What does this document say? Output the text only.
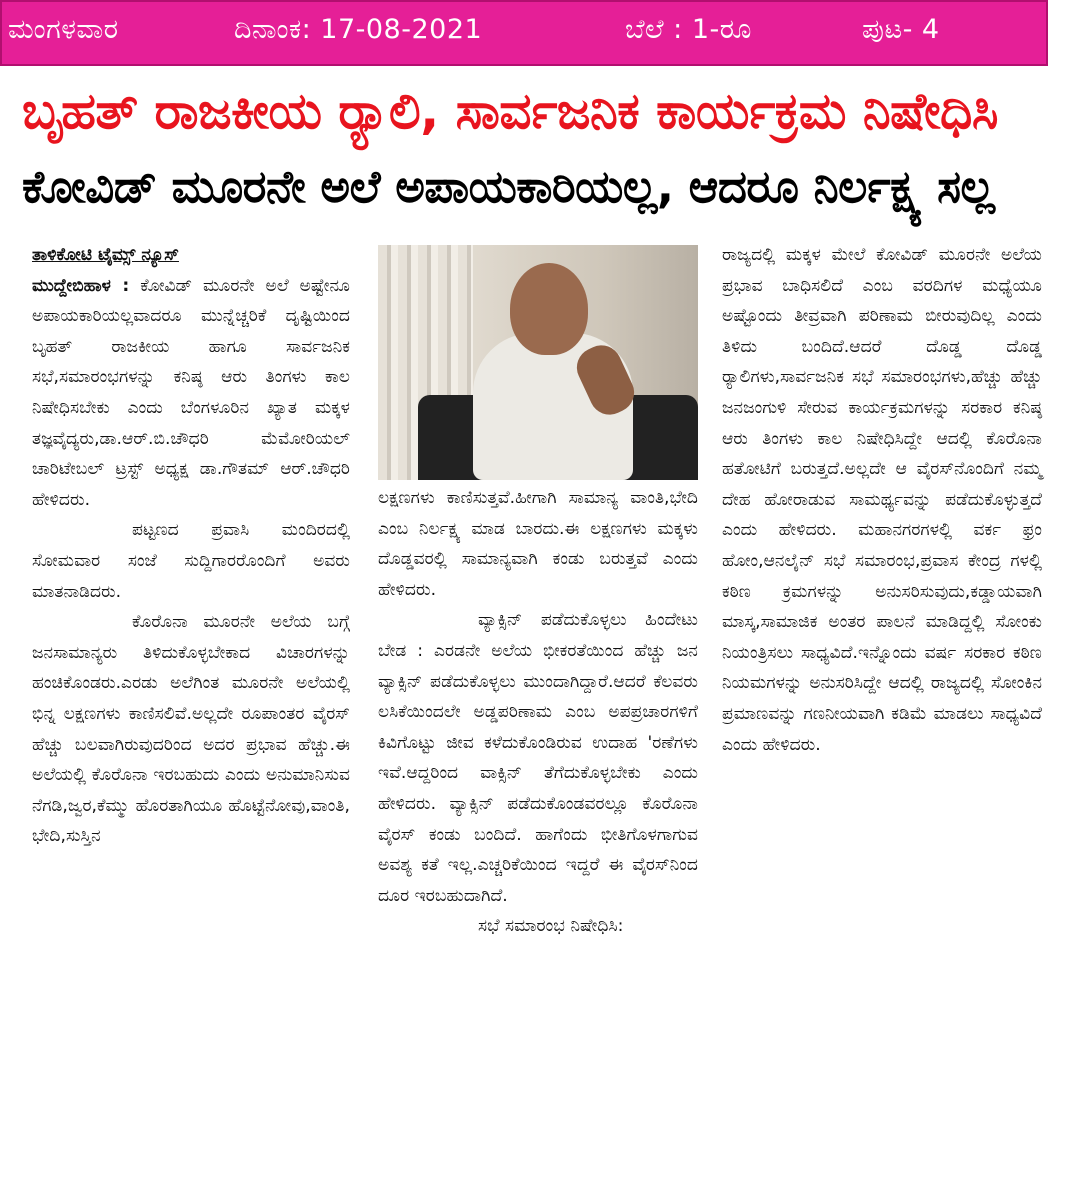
ಮಂಗಳವಾರ	ದಿನಾಂಕ: 17-08-2021	ಬೆಲೆ : 1-ರೂ	ಪುಟ- 4
ಬೃಹತ್ ರಾಜಕೀಯ ರ್‍ಯಾಲಿ, ಸಾರ್ವಜನಿಕ ಕಾರ್ಯಕ್ರಮ ನಿಷೇಧಿಸಿ
ಕೋವಿಡ್ ಮೂರನೇ ಅಲೆ ಅಪಾಯಕಾರಿಯಲ್ಲ, ಆದರೂ ನಿರ್ಲಕ್ಷ್ಯ ಸಲ್ಲ

ತಾಳಿಕೋಟಿ ಟೈಮ್ಸ್ ನ್ಯೂಸ್

ಮುದ್ದೇಬಿಹಾಳ : ಕೋವಿಡ್ ಮೂರನೇ ಅಲೆ ಅಷ್ಟೇನೂ ಅಪಾಯಕಾರಿಯಲ್ಲವಾದರೂ ಮುನ್ನೆಚ್ಚರಿಕೆ ದೃಷ್ಟಿಯಿಂದ ಬೃಹತ್ ರಾಜಕೀಯ ಹಾಗೂ ಸಾರ್ವಜನಿಕ ಸಭೆ,ಸಮಾರಂಭಗಳನ್ನು ಕನಿಷ್ಠ ಆರು ತಿಂಗಳು ಕಾಲ ನಿಷೇಧಿಸಬೇಕು ಎಂದು ಬೆಂಗಳೂರಿನ ಖ್ಯಾತ ಮಕ್ಕಳ ತಜ್ಞವೈದ್ಯರು,ಡಾ.ಆರ್.ಬಿ.ಚೌಧರಿ ಮೆಮೋರಿಯಲ್ ಚಾರಿಟೇಬಲ್ ಟ್ರಸ್ಟ್ ಅಧ್ಯಕ್ಷ ಡಾ.ಗೌತಮ್ ಆರ್.ಚೌಧರಿ ಹೇಳಿದರು.

ಪಟ್ಟಣದ ಪ್ರವಾಸಿ ಮಂದಿರದಲ್ಲಿ ಸೋಮವಾರ ಸಂಜೆ ಸುದ್ದಿಗಾರರೊಂದಿಗೆ ಅವರು ಮಾತನಾಡಿದರು.

ಕೊರೊನಾ ಮೂರನೇ ಅಲೆಯ ಬಗ್ಗೆ ಜನಸಾಮಾನ್ಯರು ತಿಳಿದುಕೊಳ್ಳಬೇಕಾದ ವಿಚಾರಗಳನ್ನು ಹಂಚಿಕೊಂಡರು.ಎರಡು ಅಲೆಗಿಂತ ಮೂರನೇ ಅಲೆಯಲ್ಲಿ ಭಿನ್ನ ಲಕ್ಷಣಗಳು ಕಾಣಿಸಲಿವೆ.ಅಲ್ಲದೇ ರೂಪಾಂತರ ವೈರಸ್ ಹೆಚ್ಚು ಬಲವಾಗಿರುವುದರಿಂದ ಅದರ ಪ್ರಭಾವ ಹೆಚ್ಚು.ಈ ಅಲೆಯಲ್ಲಿ ಕೊರೊನಾ ಇರಬಹುದು ಎಂದು ಅನುಮಾನಿಸುವ ನೆಗಡಿ,ಜ್ವರ,ಕೆಮ್ಮು ಹೊರತಾಗಿಯೂ ಹೊಟ್ಟೆನೋವು,ವಾಂತಿ, ಭೇದಿ,ಸುಸ್ತಿನ

ಲಕ್ಷಣಗಳು ಕಾಣಿಸುತ್ತವೆ.ಹೀಗಾಗಿ ಸಾಮಾನ್ಯ ವಾಂತಿ,ಭೇದಿ ಎಂಬ ನಿರ್ಲಕ್ಷ್ಯ ಮಾಡ ಬಾರದು.ಈ ಲಕ್ಷಣಗಳು ಮಕ್ಕಳು ದೊಡ್ಡವರಲ್ಲಿ ಸಾಮಾನ್ಯವಾಗಿ ಕಂಡು ಬರುತ್ತವೆ ಎಂದು ಹೇಳಿದರು.

ವ್ಯಾಕ್ಸಿನ್ ಪಡೆದುಕೊಳ್ಳಲು ಹಿಂದೇಟು ಬೇಡ : ಎರಡನೇ ಅಲೆಯ ಭೀಕರತೆಯಿಂದ ಹೆಚ್ಚು ಜನ ವ್ಯಾಕ್ಸಿನ್ ಪಡೆದುಕೊಳ್ಳಲು ಮುಂದಾಗಿದ್ದಾರೆ.ಆದರೆ ಕೆಲವರು ಲಸಿಕೆಯಿಂದಲೇ ಅಡ್ಡಪರಿಣಾಮ ಎಂಬ ಅಪಪ್ರಚಾರಗಳಿಗೆ ಕಿವಿಗೊಟ್ಟು ಜೀವ ಕಳೆದುಕೊಂಡಿರುವ ಉದಾಹ 'ರಣೆಗಳು ಇವೆ.ಆದ್ದರಿಂದ ವಾಕ್ಸಿನ್ ತೆಗೆದುಕೊಳ್ಳಬೇಕು ಎಂದು ಹೇಳಿದರು. ವ್ಯಾಕ್ಸಿನ್ ಪಡೆದುಕೊಂಡವರಲ್ಲೂ ಕೊರೊನಾ ವೈರಸ್ ಕಂಡು ಬಂದಿದೆ. ಹಾಗೆಂದು ಭೀತಿಗೊಳಗಾಗುವ ಅವಶ್ಯ ಕತೆ ಇಲ್ಲ.ಎಚ್ಚರಿಕೆಯಿಂದ ಇದ್ದರೆ ಈ ವೈರಸ್‌ನಿಂದ ದೂರ ಇರಬಹುದಾಗಿದೆ.

ಸಭೆ ಸಮಾರಂಭ ನಿಷೇಧಿಸಿ:

ರಾಜ್ಯದಲ್ಲಿ ಮಕ್ಕಳ ಮೇಲೆ ಕೋವಿಡ್ ಮೂರನೇ ಅಲೆಯ ಪ್ರಭಾವ ಬಾಧಿಸಲಿದೆ ಎಂಬ ವರದಿಗಳ ಮಧ್ಯೆಯೂ ಅಷ್ಟೊಂದು ತೀವ್ರವಾಗಿ ಪರಿಣಾಮ ಬೀರುವುದಿಲ್ಲ ಎಂದು ತಿಳಿದು ಬಂದಿದೆ.ಆದರೆ ದೊಡ್ಡ ದೊಡ್ಡ ರ್‍ಯಾಲಿಗಳು,ಸಾರ್ವಜನಿಕ ಸಭೆ ಸಮಾರಂಭಗಳು,ಹೆಚ್ಚು ಹೆಚ್ಚು ಜನಜಂಗುಳಿ ಸೇರುವ ಕಾರ್ಯಕ್ರಮಗಳನ್ನು ಸರಕಾರ ಕನಿಷ್ಠ ಆರು ತಿಂಗಳು ಕಾಲ ನಿಷೇಧಿಸಿದ್ದೇ ಆದಲ್ಲಿ ಕೊರೊನಾ ಹತೋಟಿಗೆ ಬರುತ್ತದೆ.ಅಲ್ಲದೇ ಆ ವೈರಸ್‌ನೊಂದಿಗೆ ನಮ್ಮ ದೇಹ ಹೋರಾಡುವ ಸಾಮರ್ಥ್ಯವನ್ನು ಪಡೆದುಕೊಳ್ಳುತ್ತದೆ ಎಂದು ಹೇಳಿದರು. ಮಹಾನಗರಗಳಲ್ಲಿ ವರ್ಕ ಫ್ರಂ ಹೋಂ,ಆನಲೈನ್ ಸಭೆ ಸಮಾರಂಭ,ಪ್ರವಾಸ ಕೇಂದ್ರ ಗಳಲ್ಲಿ ಕಠಿಣ ಕ್ರಮಗಳನ್ನು ಅನುಸರಿಸುವುದು,ಕಡ್ಡಾಯವಾಗಿ ಮಾಸ್ಕ,ಸಾಮಾಜಿಕ ಅಂತರ ಪಾಲನೆ ಮಾಡಿದ್ದಲ್ಲಿ ಸೋಂಕು ನಿಯಂತ್ರಿಸಲು ಸಾಧ್ಯವಿದೆ.ಇನ್ನೊಂದು ವರ್ಷ ಸರಕಾರ ಕಠಿಣ ನಿಯಮಗಳನ್ನು ಅನುಸರಿಸಿದ್ದೇ ಆದಲ್ಲಿ ರಾಜ್ಯದಲ್ಲಿ ಸೋಂಕಿನ ಪ್ರಮಾಣವನ್ನು ಗಣನೀಯವಾಗಿ ಕಡಿಮೆ ಮಾಡಲು ಸಾಧ್ಯವಿದೆ ಎಂದು ಹೇಳಿದರು.
